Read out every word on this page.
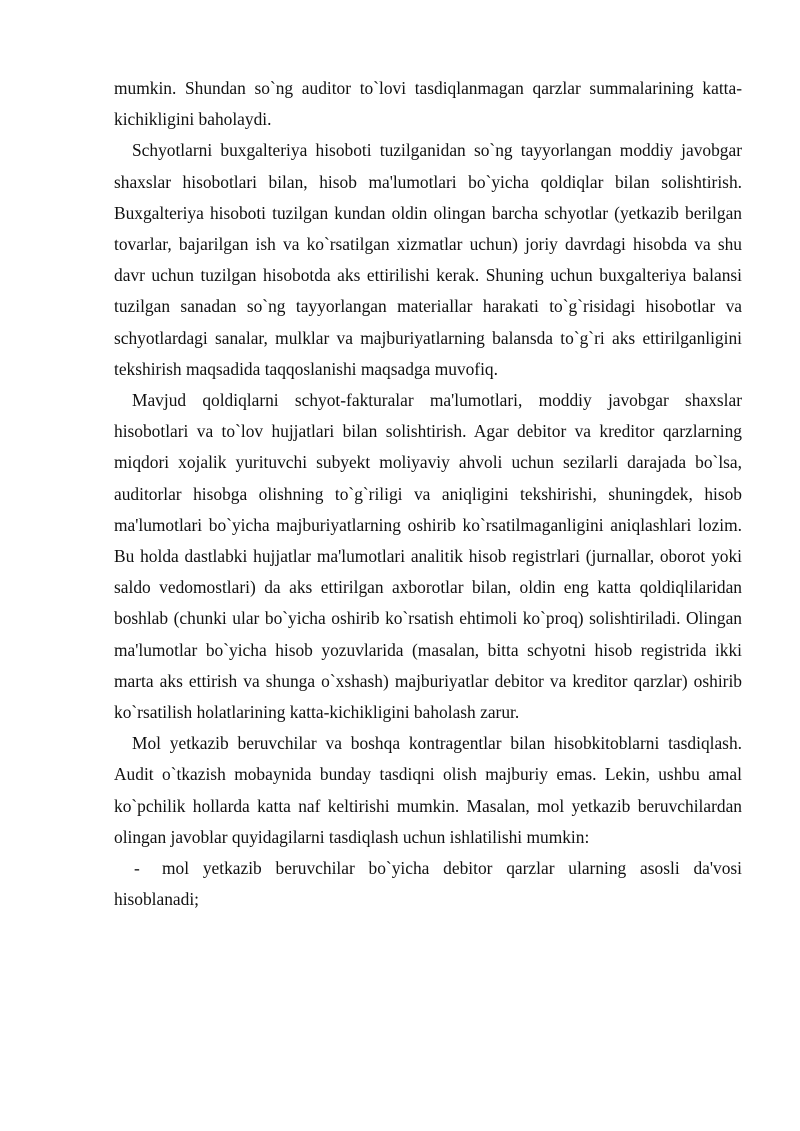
mumkin. Shundan so`ng auditor to`lovi tasdiqlanmagan qarzlar summalarining katta-kichikligini baholaydi.

Schyotlarni buxgalteriya hisoboti tuzilganidan so`ng tayyorlangan moddiy javobgar shaxslar hisobotlari bilan, hisob ma'lumotlari bo`yicha qoldiqlar bilan solishtirish. Buxgalteriya hisoboti tuzilgan kundan oldin olingan barcha schyotlar (yetkazib berilgan tovarlar, bajarilgan ish va ko`rsatilgan xizmatlar uchun) joriy davrdagi hisobda va shu davr uchun tuzilgan hisobotda aks ettirilishi kerak. Shuning uchun buxgalteriya balansi tuzilgan sanadan so`ng tayyorlangan materiallar harakati to`g`risidagi hisobotlar va schyotlardagi sanalar, mulklar va majburiyatlarning balansda to`g`ri aks ettirilganligini tekshirish maqsadida taqqoslanishi maqsadga muvofiq.

Mavjud qoldiqlarni schyot-fakturalar ma'lumotlari, moddiy javobgar shaxslar hisobotlari va to`lov hujjatlari bilan solishtirish. Agar debitor va kreditor qarzlarning miqdori xojalik yurituvchi subyekt moliyaviy ahvoli uchun sezilarli darajada bo`lsa, auditorlar hisobga olishning to`g`riligi va aniqligini tekshirishi, shuningdek, hisob ma'lumotlari bo`yicha majburiyatlarning oshirib ko`rsatilmaganligini aniqlashlari lozim. Bu holda dastlabki hujjatlar ma'lumotlari analitik hisob registrlari (jurnallar, oborot yoki saldo vedomostlari) da aks ettirilgan axborotlar bilan, oldin eng katta qoldiqlilaridan boshlab (chunki ular bo`yicha oshirib ko`rsatish ehtimoli ko`proq) solishtiriladi. Olingan ma'lumotlar bo`yicha hisob yozuvlarida (masalan, bitta schyotni hisob registrida ikki marta aks ettirish va shunga o`xshash) majburiyatlar debitor va kreditor qarzlar) oshirib ko`rsatilish holatlarining katta-kichikligini baholash zarur.

Mol yetkazib beruvchilar va boshqa kontragentlar bilan hisobkitoblarni tasdiqlash. Audit o`tkazish mobaynida bunday tasdiqni olish majburiy emas. Lekin, ushbu amal ko`pchilik hollarda katta naf keltirishi mumkin. Masalan, mol yetkazib beruvchilardan olingan javoblar quyidagilarni tasdiqlash uchun ishlatilishi mumkin:

- mol yetkazib beruvchilar bo`yicha debitor qarzlar ularning asosli da'vosi hisoblanadi;
